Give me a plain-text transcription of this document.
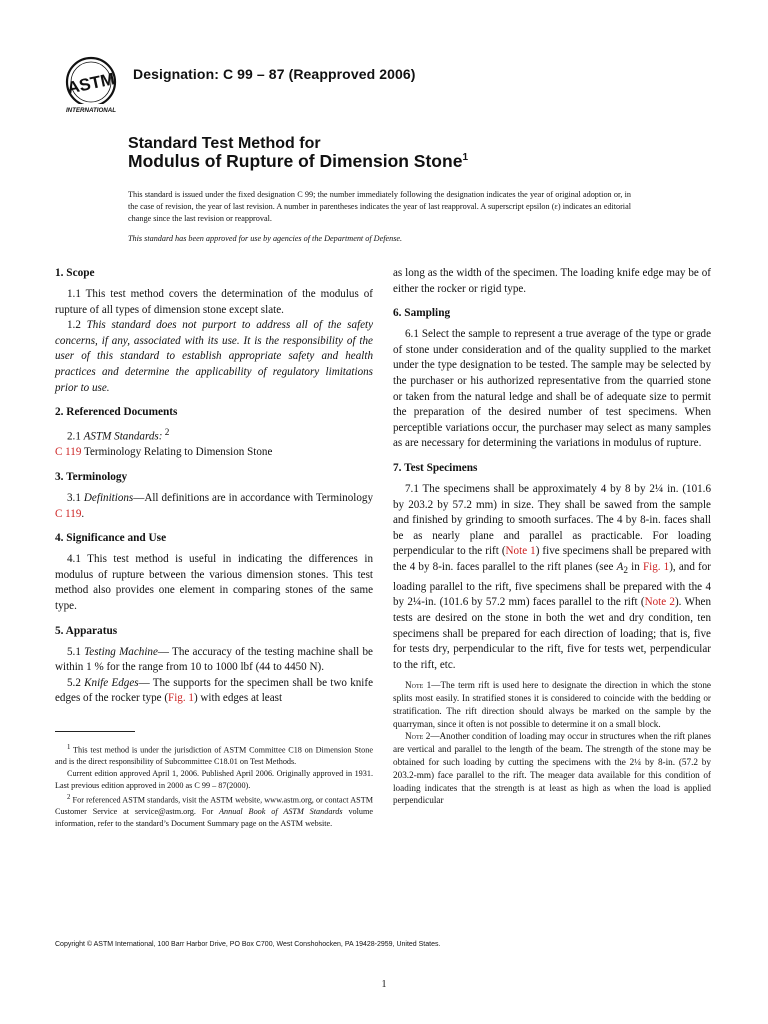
ASTM
INTERNATIONAL
Designation: C 99 – 87 (Reapproved 2006)
Standard Test Method for
Modulus of Rupture of Dimension Stone$^1$
This standard is issued under the fixed designation C 99; the number immediately following the designation indicates the year of original adoption or, in the case of revision, the year of last revision. A number in parentheses indicates the year of last reapproval. A superscript epsilon (ε) indicates an editorial change since the last revision or reapproval.
This standard has been approved for use by agencies of the Department of Defense.
1. Scope

1.1 This test method covers the determination of the modulus of rupture of all types of dimension stone except slate.

1.2 This standard does not purport to address all of the safety concerns, if any, associated with its use. It is the responsibility of the user of this standard to establish appropriate safety and health practices and determine the applicability of regulatory limitations prior to use.

2. Referenced Documents

2.1 ASTM Standards: $^2$

C 119 Terminology Relating to Dimension Stone

3. Terminology

3.1 Definitions—All definitions are in accordance with Terminology C 119.

4. Significance and Use

4.1 This test method is useful in indicating the differences in modulus of rupture between the various dimension stones. This test method also provides one element in comparing stones of the same type.

5. Apparatus

5.1 Testing Machine— The accuracy of the testing machine shall be within 1 % for the range from 10 to 1000 lbf (44 to 4450 N).

5.2 Knife Edges— The supports for the specimen shall be two knife edges of the rocker type (Fig. 1) with edges at least

as long as the width of the specimen. The loading knife edge may be of either the rocker or rigid type.

6. Sampling

6.1 Select the sample to represent a true average of the type or grade of stone under consideration and of the quality supplied to the market under the type designation to be tested. The sample may be selected by the purchaser or his authorized representative from the quarried stone or taken from the natural ledge and shall be of adequate size to permit the preparation of the desired number of test specimens. When perceptible variations occur, the purchaser may select as many samples as are necessary for determining the variations in modulus of rupture.

7. Test Specimens

7.1 The specimens shall be approximately 4 by 8 by 2¼ in. (101.6 by 203.2 by 57.2 mm) in size. They shall be sawed from the sample and finished by grinding to smooth surfaces. The 4 by 8-in. faces shall be as nearly plane and parallel as practicable. For loading perpendicular to the rift (Note 1) five specimens shall be prepared with the 4 by 8-in. faces parallel to the rift planes (see $A_2$ in Fig. 1), and for loading parallel to the rift, five specimens shall be prepared with the 4 by 2¼-in. (101.6 by 57.2 mm) faces parallel to the rift (Note 2). When tests are desired on the stone in both the wet and dry condition, ten specimens shall be prepared for each direction of loading; that is, five for tests dry, perpendicular to the rift, five for tests wet, perpendicular to the rift, etc.

Note 1—The term rift is used here to designate the direction in which the stone splits most easily. In stratified stones it is considered to coincide with the bedding or stratification. The rift direction should always be marked on the sample by the quarryman, since it often is not possible to determine it on a small block.

Note 2—Another condition of loading may occur in structures when the rift planes are vertical and parallel to the length of the beam. The strength of the stone may be obtained for such loading by cutting the specimens with the 2¼ by 8-in. (57.2 by 203.2-mm) face parallel to the rift. The meager data available for this condition of loading indicates that the strength is at least as high as when the load is applied perpendicular

$^1$ This test method is under the jurisdiction of ASTM Committee C18 on Dimension Stone and is the direct responsibility of Subcommittee C18.01 on Test Methods.

Current edition approved April 1, 2006. Published April 2006. Originally approved in 1931. Last previous edition approved in 2000 as C 99 – 87(2000).

$^2$ For referenced ASTM standards, visit the ASTM website, www.astm.org, or contact ASTM Customer Service at service@astm.org. For Annual Book of ASTM Standards volume information, refer to the standard’s Document Summary page on the ASTM website.

Copyright © ASTM International, 100 Barr Harbor Drive, PO Box C700, West Conshohocken, PA 19428-2959, United States.
1
